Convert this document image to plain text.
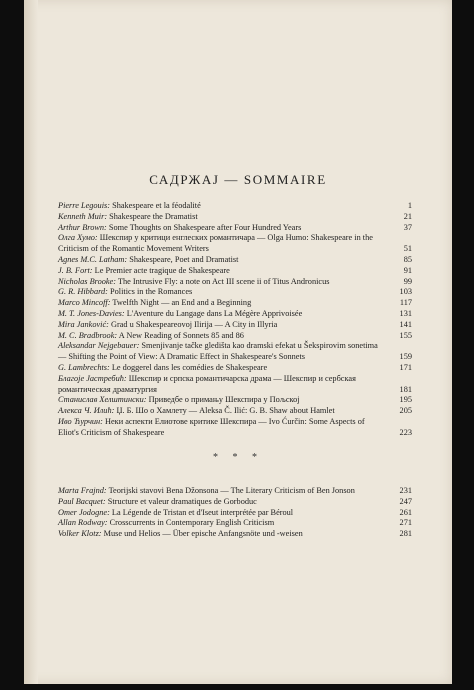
САДРЖАЈ — SOMMAIRE
Pierre Legouis: Shakespeare et la féodalité	1
Kenneth Muir: Shakespeare the Dramatist	21
Arthur Brown: Some Thoughts on Shakespeare after Four Hundred Years	37
Олга Хумо: Шекспир у критици енглеских романтичара — Olga Humo: Shakespeare in the Criticism of the Romantic Movement Writers	51
Agnes M.C. Latham: Shakespeare, Poet and Dramatist	85
J. B. Fort: Le Premier acte tragique de Shakespeare	91
Nicholas Brooke: The Intrusive Fly: a note on Act III scene ii of Titus Andronicus	99
G. R. Hibbard: Politics in the Romances	103
Marco Mincoff: Twelfth Night — an End and a Beginning	117
M. T. Jones-Davies: L'Aventure du Langage dans La Mégère Apprivoisée	131
Mira Janković: Grad u Shakespeareovoj Ilirija — A City in Illyria	141
M. C. Bradbrook: A New Reading of Sonnets 85 and 86	155
Aleksandar Nejgebauer: Smenjivanje tačke gledišta kao dramski efekat u Šekspirovim sonetima — Shifting the Point of View: A Dramatic Effect in Shakespeare's Sonnets	159
G. Lambrechts: Le doggerel dans les comédies de Shakespeare	171
Благоје Јастребић: Шекспир и српска романтичарска драма — Шекспир и сербская романтическая драматургия	181
Станислав Хелштински: Приведбе о примању Шекспира у Пољској	195
Алекса Ч. Илић: Џ. Б. Шо о Хамлету — Aleksa Č. Ilić: G. B. Shaw about Hamlet	205
Иво Ћурчин: Неки аспекти Елиотове критике Шекспира — Ivo Ćurčin: Some Aspects of Eliot's Criticism of Shakespeare	223
* * *
Marta Frajnd: Teorijski stavovi Bena Džonsona — The Literary Criticism of Ben Jonson	231
Paul Bacquet: Structure et valeur dramatiques de Gorboduc	247
Omer Jodogne: La Légende de Tristan et d'Iseut interprétée par Béroul	261
Allan Rodway: Crosscurrents in Contemporary English Criticism	271
Volker Klotz: Muse und Helios — Über epische Anfangsnöte und -weisen	281
